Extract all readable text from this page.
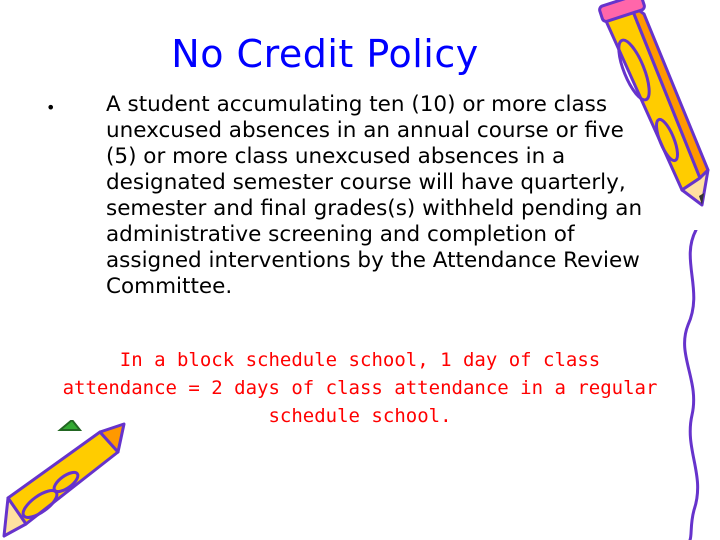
No Credit Policy
• A student accumulating ten (10) or more class unexcused absences in an annual course or five (5) or more class unexcused absences in a designated semester course will have quarterly, semester and final grades(s) withheld pending an administrative screening and completion of assigned interventions by the Attendance Review Committee.

In a block schedule school, 1 day of class attendance = 2 days of class attendance in a regular schedule school.
